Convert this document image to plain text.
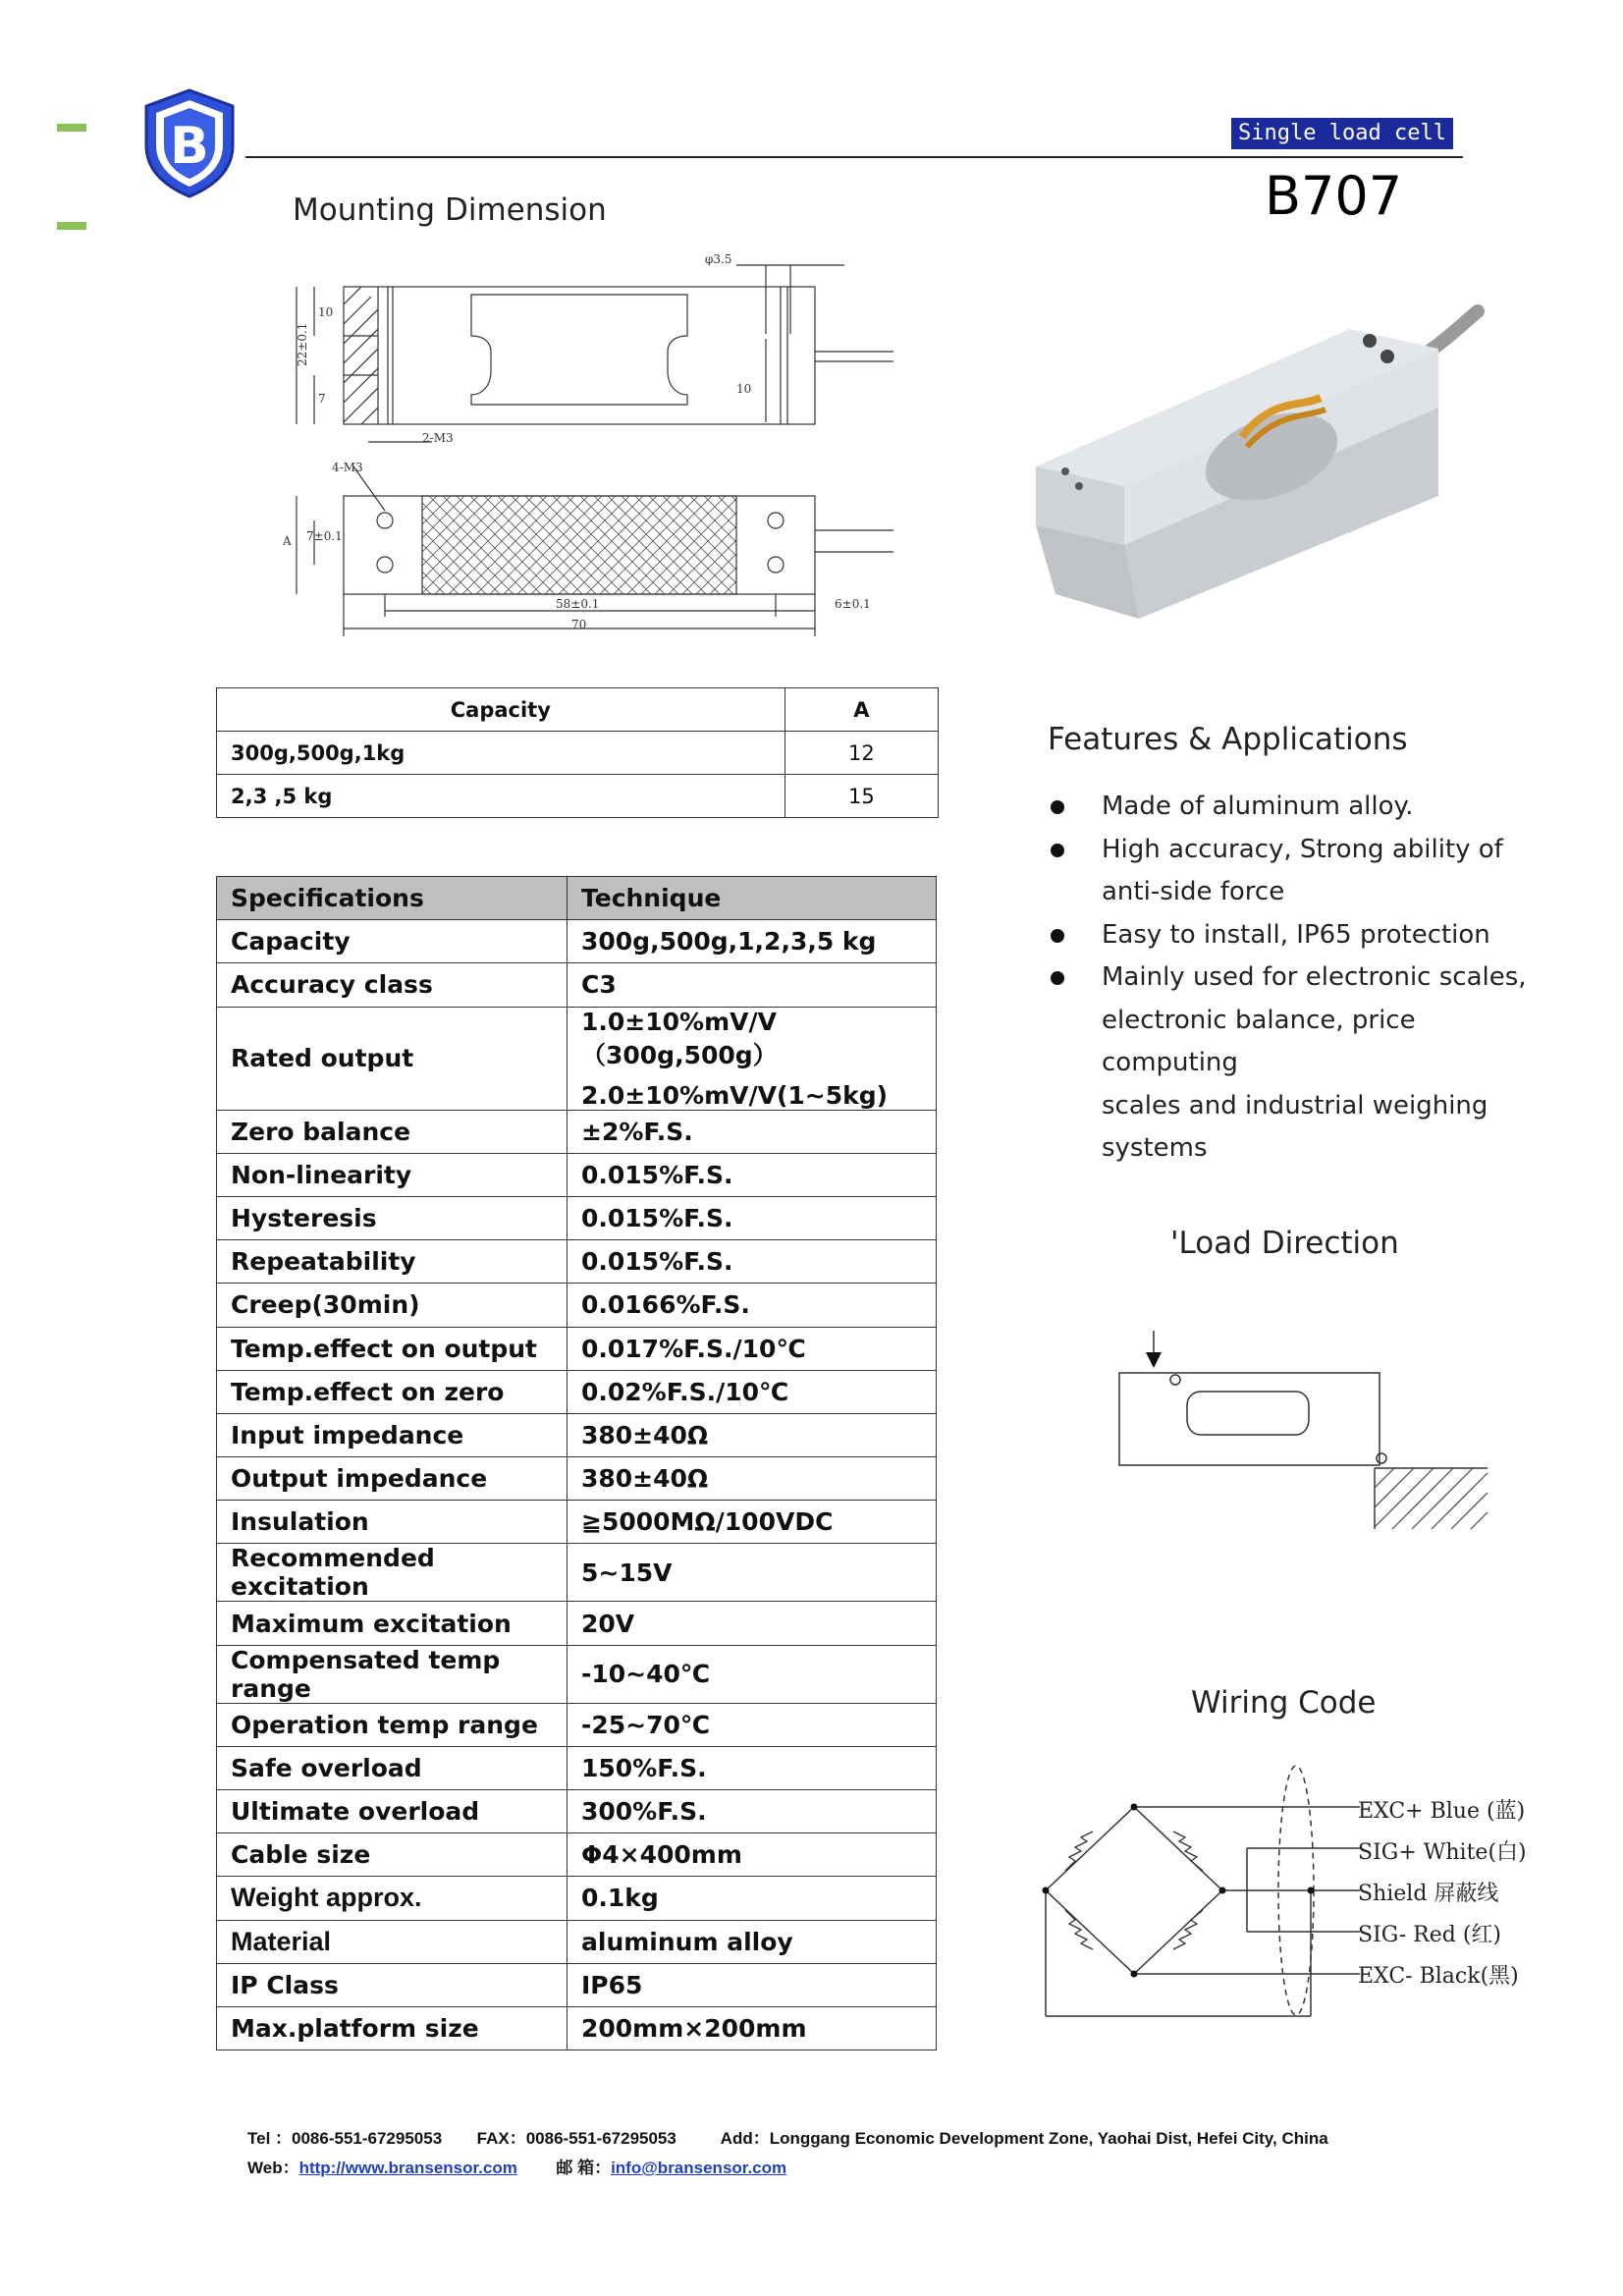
B	Single load cell
B707
Mounting Dimension
φ3.5
10
22±0.1
7
10
2-M3
4-M3
7±0.1
A
58±0.1	6±0.1
70
Capacity	A
300g,500g,1kg	12
2,3 ,5 kg	15
Specifications	Technique
Capacity	300g,500g,1,2,3,5 kg
Accuracy class	C3
Rated output	1.0±10%mV/V（300g,500g）
2.0±10%mV/V(1~5kg)

Zero balance	±2%F.S.
Non-linearity	0.015%F.S.
Hysteresis	0.015%F.S.
Repeatability	0.015%F.S.
Creep(30min)	0.0166%F.S.
Temp.effect on output	0.017%F.S./10℃
Temp.effect on zero	0.02%F.S./10℃
Input impedance	380±40Ω
Output impedance	380±40Ω
Insulation	≧5000MΩ/100VDC
Recommended excitation	5~15V
Maximum excitation	20V
Compensated temp range	-10~40℃
Operation temp range	-25~70℃
Safe overload	150%F.S.
Ultimate overload	300%F.S.
Cable size	Φ4×400mm
Weight approx.	0.1kg
Material	aluminum alloy
IP Class	IP65
Max.platform size	200mm×200mm
Features & Applications
Made of aluminum alloy.
High accuracy, Strong ability of
anti-side force
Easy to install, IP65 protection
Mainly used for electronic scales,
electronic balance, price computing
scales and industrial weighing
systems
'Load Direction
Wiring Code
EXC+ Blue (蓝)
SIG+ White(白)
Shield 屏蔽线
SIG- Red (红)
EXC- Black(黑)
Tel ：0086-551-67295053 FAX：0086-551-67295053	Add：Longgang Economic Development Zone, Yaohai Dist, Hefei City, China
Web：http://www.bransensor.com 邮 箱：info@bransensor.com
